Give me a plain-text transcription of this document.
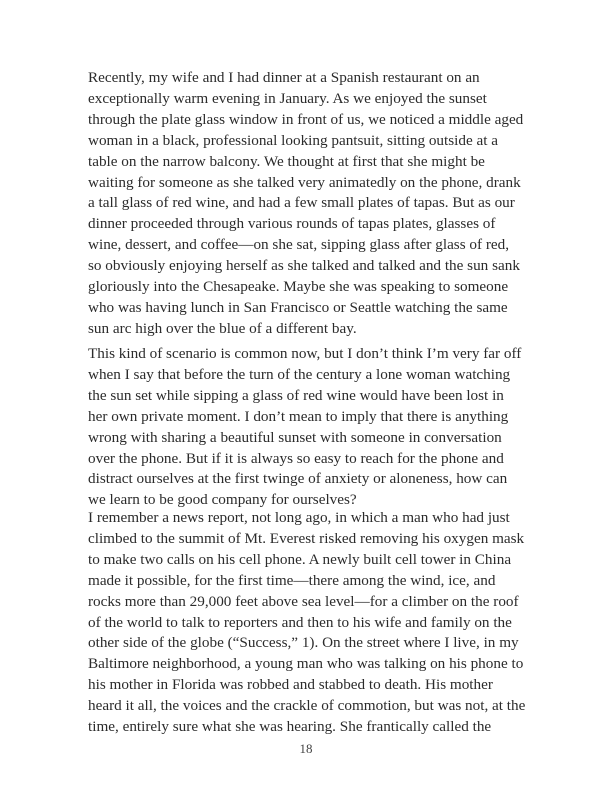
Recently, my wife and I had dinner at a Spanish restaurant on an
exceptionally warm evening in January. As we enjoyed the sunset
through the plate glass window in front of us, we noticed a middle aged
woman in a black, professional looking pantsuit, sitting outside at a
table on the narrow balcony. We thought at first that she might be
waiting for someone as she talked very animatedly on the phone, drank
a tall glass of red wine, and had a few small plates of tapas. But as our
dinner proceeded through various rounds of tapas plates, glasses of
wine, dessert, and coffee—on she sat, sipping glass after glass of red,
so obviously enjoying herself as she talked and talked and the sun sank
gloriously into the Chesapeake. Maybe she was speaking to someone
who was having lunch in San Francisco or Seattle watching the same
sun arc high over the blue of a different bay.

This kind of scenario is common now, but I don’t think I’m very far off
when I say that before the turn of the century a lone woman watching
the sun set while sipping a glass of red wine would have been lost in
her own private moment. I don’t mean to imply that there is anything
wrong with sharing a beautiful sunset with someone in conversation
over the phone. But if it is always so easy to reach for the phone and
distract ourselves at the first twinge of anxiety or aloneness, how can
we learn to be good company for ourselves?

I remember a news report, not long ago, in which a man who had just
climbed to the summit of Mt. Everest risked removing his oxygen mask
to make two calls on his cell phone. A newly built cell tower in China
made it possible, for the first time—there among the wind, ice, and
rocks more than 29,000 feet above sea level—for a climber on the roof
of the world to talk to reporters and then to his wife and family on the
other side of the globe (“Success,” 1). On the street where I live, in my
Baltimore neighborhood, a young man who was talking on his phone to
his mother in Florida was robbed and stabbed to death. His mother
heard it all, the voices and the crackle of commotion, but was not, at the
time, entirely sure what she was hearing. She frantically called the

18
